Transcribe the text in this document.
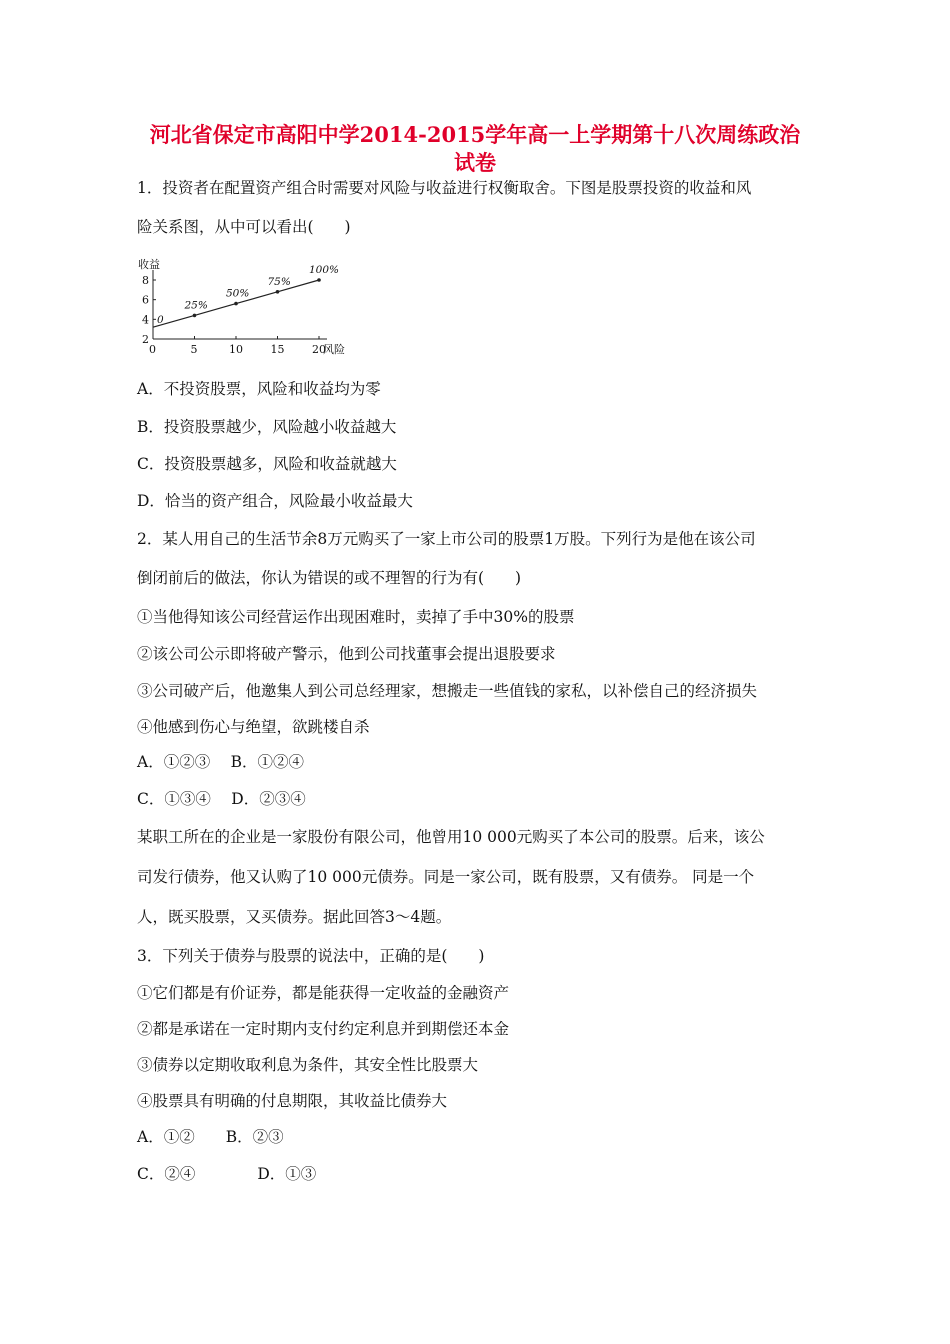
河北省保定市高阳中学2014-2015学年高一上学期第十八次周练政治
试卷
1．投资者在配置资产组合时需要对风险与收益进行权衡取舍。下图是股票投资的收益和风
险关系图，从中可以看出(　　)
2
4
6
8
0	5	10	15	20
收益
风险
0
25%
50%
75%
100%
A．不投资股票，风险和收益均为零
B．投资股票越少，风险越小收益越大
C．投资股票越多，风险和收益就越大
D．恰当的资产组合，风险最小收益最大
2．某人用自己的生活节余8万元购买了一家上市公司的股票1万股。下列行为是他在该公司
倒闭前后的做法，你认为错误的或不理智的行为有(　　)
①当他得知该公司经营运作出现困难时，卖掉了手中30%的股票
②该公司公示即将破产警示，他到公司找董事会提出退股要求
③公司破产后，他邀集人到公司总经理家，想搬走一些值钱的家私，以补偿自己的经济损失
④他感到伤心与绝望，欲跳楼自杀
A．①②③　 B．①②④
C．①③④　 D．②③④
某职工所在的企业是一家股份有限公司，他曾用10 000元购买了本公司的股票。后来，该公
司发行债券，他又认购了10 000元债券。同是一家公司，既有股票，又有债券。 同是一个
人，既买股票，又买债券。据此回答3～4题。
3．下列关于债券与股票的说法中，正确的是(　　)
①它们都是有价证券，都是能获得一定收益的金融资产
②都是承诺在一定时期内支付约定利息并到期偿还本金
③债券以定期收取利息为条件，其安全性比股票大
④股票具有明确的付息期限，其收益比债券大
A．①②　　B．②③
C．②④　　　　D．①③
